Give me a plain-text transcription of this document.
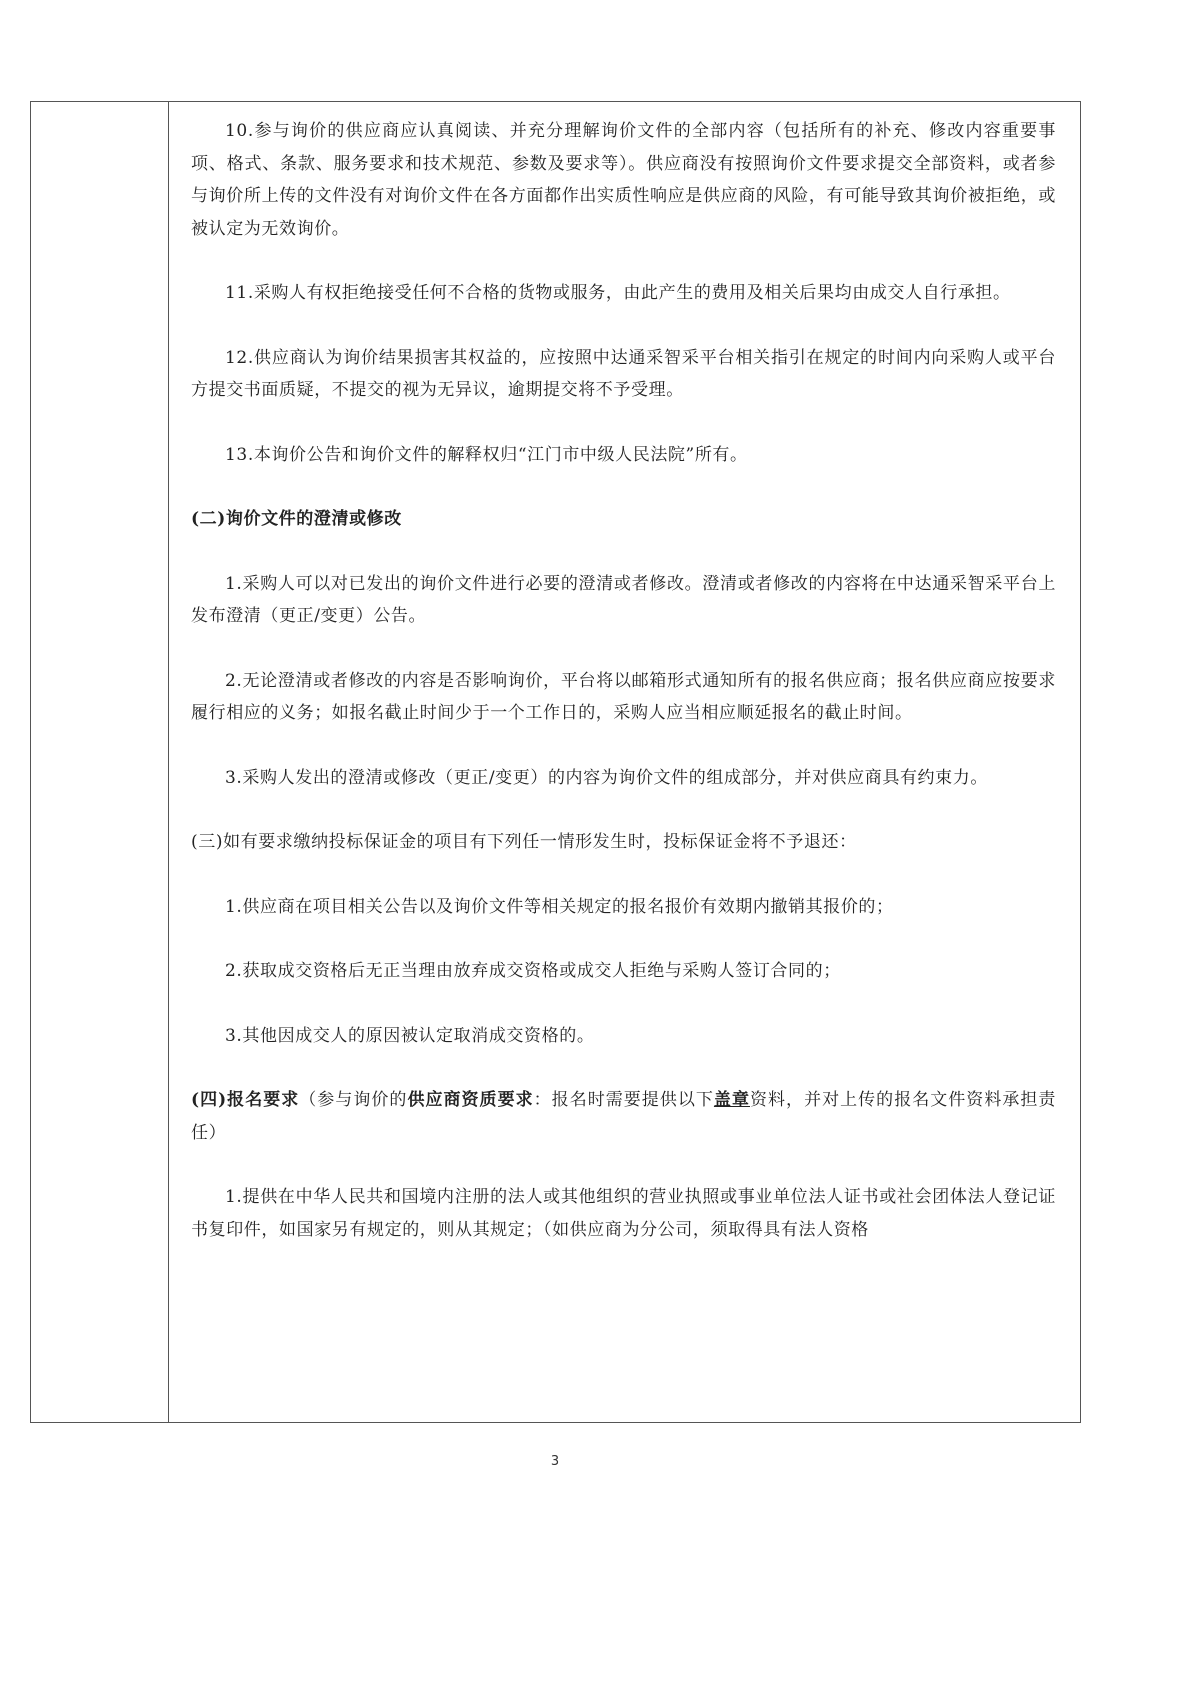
10.参与询价的供应商应认真阅读、并充分理解询价文件的全部内容（包括所有的补充、修改内容重要事项、格式、条款、服务要求和技术规范、参数及要求等）。供应商没有按照询价文件要求提交全部资料，或者参与询价所上传的文件没有对询价文件在各方面都作出实质性响应是供应商的风险，有可能导致其询价被拒绝，或被认定为无效询价。

11.采购人有权拒绝接受任何不合格的货物或服务，由此产生的费用及相关后果均由成交人自行承担。

12.供应商认为询价结果损害其权益的，应按照中达通采智采平台相关指引在规定的时间内向采购人或平台方提交书面质疑，不提交的视为无异议，逾期提交将不予受理。

13.本询价公告和询价文件的解释权归“江门市中级人民法院”所有。

(二)询价文件的澄清或修改

1.采购人可以对已发出的询价文件进行必要的澄清或者修改。澄清或者修改的内容将在中达通采智采平台上发布澄清（更正/变更）公告。

2.无论澄清或者修改的内容是否影响询价，平台将以邮箱形式通知所有的报名供应商；报名供应商应按要求履行相应的义务；如报名截止时间少于一个工作日的，采购人应当相应顺延报名的截止时间。

3.采购人发出的澄清或修改（更正/变更）的内容为询价文件的组成部分，并对供应商具有约束力。

(三)如有要求缴纳投标保证金的项目有下列任一情形发生时，投标保证金将不予退还：

1.供应商在项目相关公告以及询价文件等相关规定的报名报价有效期内撤销其报价的；

2.获取成交资格后无正当理由放弃成交资格或成交人拒绝与采购人签订合同的；

3.其他因成交人的原因被认定取消成交资格的。

(四)报名要求（参与询价的供应商资质要求：报名时需要提供以下盖章资料，并对上传的报名文件资料承担责任）

1.提供在中华人民共和国境内注册的法人或其他组织的营业执照或事业单位法人证书或社会团体法人登记证书复印件，如国家另有规定的，则从其规定；（如供应商为分公司，须取得具有法人资格

3
